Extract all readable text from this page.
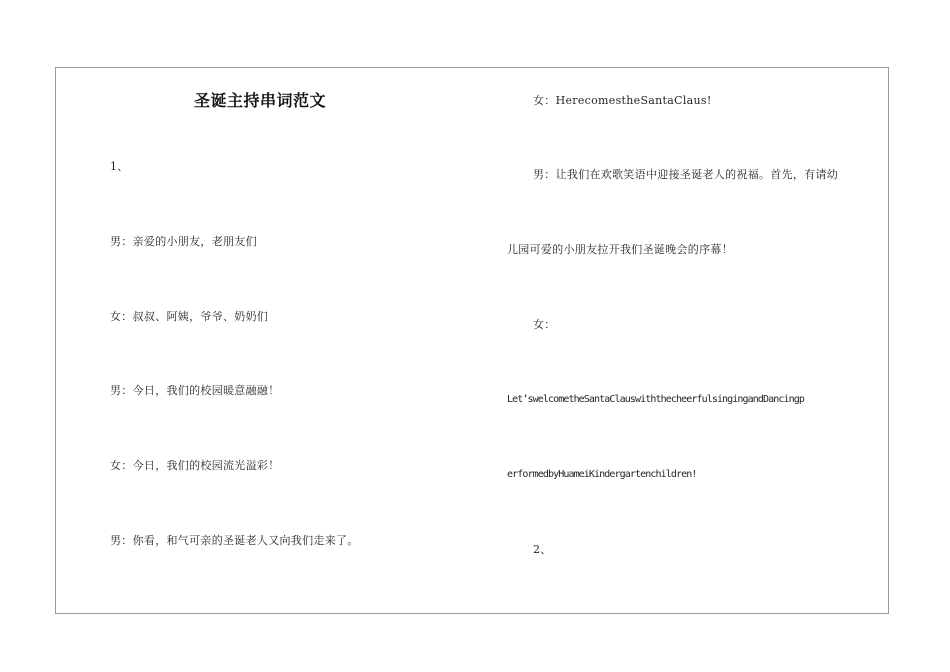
圣诞主持串词范文
1、
男：亲爱的小朋友，老朋友们
女：叔叔、阿姨，爷爷、奶奶们
男：今日，我们的校园暖意融融！
女：今日，我们的校园流光溢彩！
男：你看，和气可亲的圣诞老人又向我们走来了。
女：HerecomestheSantaClaus!
男：让我们在欢歌笑语中迎接圣诞老人的祝福。首先，有请幼
儿园可爱的小朋友拉开我们圣诞晚会的序幕！
女：
Let’swelcometheSantaClauswiththecheerfulsingingandDancingp
erformedbyHuameiKindergartenchildren!
2、
